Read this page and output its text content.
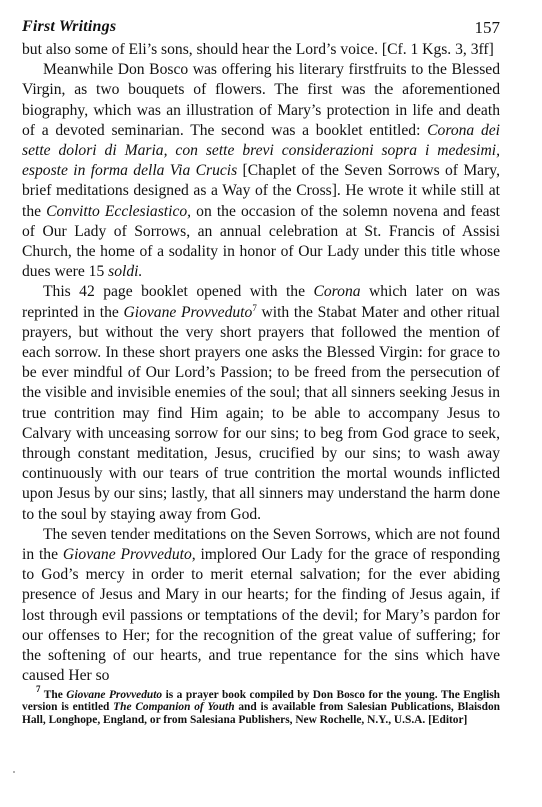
First Writings	157

but also some of Eli’s sons, should hear the Lord’s voice. [Cf. 1 Kgs. 3, 3ff]

Meanwhile Don Bosco was offering his literary firstfruits to the Blessed Virgin, as two bouquets of flowers. The first was the aforementioned biography, which was an illustration of Mary’s protection in life and death of a devoted seminarian. The second was a booklet entitled: Corona dei sette dolori di Maria, con sette brevi considerazioni sopra i medesimi, esposte in forma della Via Crucis [Chaplet of the Seven Sorrows of Mary, brief meditations designed as a Way of the Cross]. He wrote it while still at the Convitto Ecclesiastico, on the occasion of the solemn novena and feast of Our Lady of Sorrows, an annual celebration at St. Francis of Assisi Church, the home of a sodality in honor of Our Lady under this title whose dues were 15 soldi.

This 42 page booklet opened with the Corona which later on was reprinted in the Giovane Provveduto$^7$ with the Stabat Mater and other ritual prayers, but without the very short prayers that followed the mention of each sorrow. In these short prayers one asks the Blessed Virgin: for grace to be ever mindful of Our Lord’s Passion; to be freed from the persecution of the visible and invisible enemies of the soul; that all sinners seeking Jesus in true contrition may find Him again; to be able to accompany Jesus to Calvary with unceasing sorrow for our sins; to beg from God grace to seek, through constant meditation, Jesus, crucified by our sins; to wash away continuously with our tears of true contrition the mortal wounds inflicted upon Jesus by our sins; lastly, that all sinners may understand the harm done to the soul by staying away from God.

The seven tender meditations on the Seven Sorrows, which are not found in the Giovane Provveduto, implored Our Lady for the grace of responding to God’s mercy in order to merit eternal salvation; for the ever abiding presence of Jesus and Mary in our hearts; for the finding of Jesus again, if lost through evil passions or temptations of the devil; for Mary’s pardon for our offenses to Her; for the recognition of the great value of suffering; for the softening of our hearts, and true repentance for the sins which have caused Her so

$^7$ The Giovane Provveduto is a prayer book compiled by Don Bosco for the young. The English version is entitled The Companion of Youth and is available from Salesian Publications, Blaisdon Hall, Longhope, England, or from Salesiana Publishers, New Rochelle, N.Y., U.S.A. [Editor]
